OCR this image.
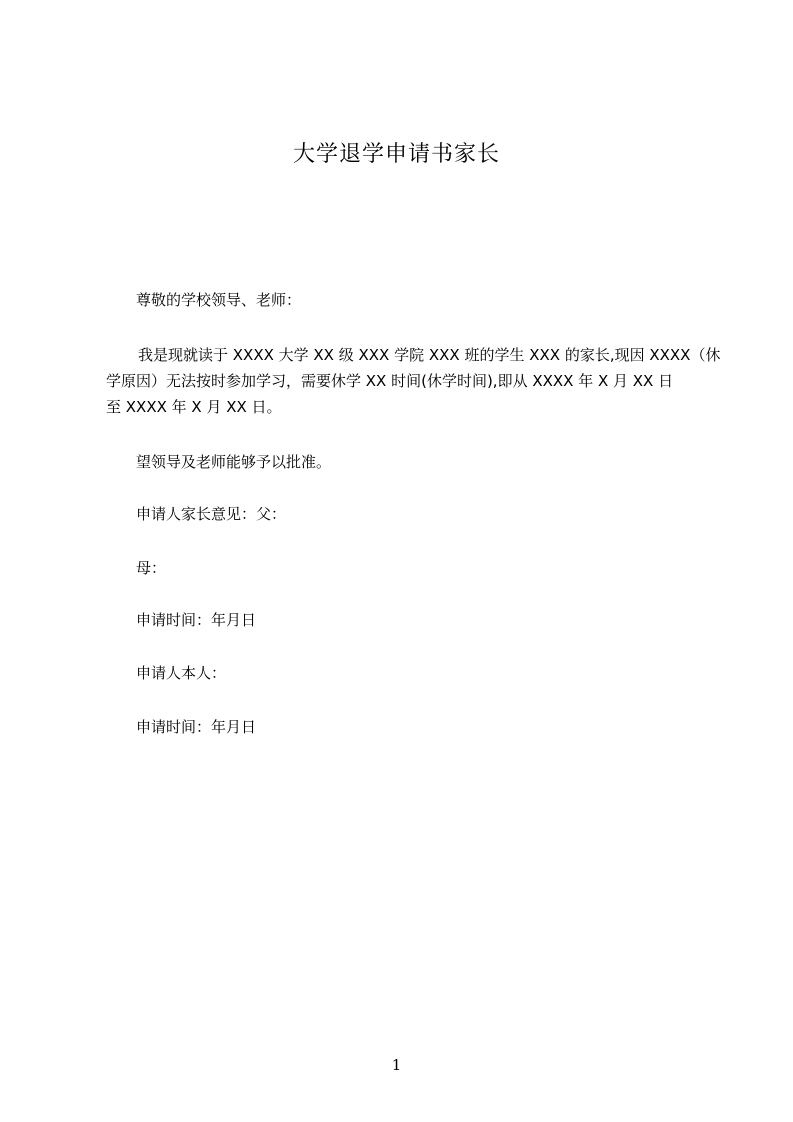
大学退学申请书家长
尊敬的学校领导、老师：
我是现就读于 XXXX 大学 XX 级 XXX 学院 XXX 班的学生 XXX 的家长,现因 XXXX（休
学原因）无法按时参加学习，需要休学 XX 时间(休学时间),即从 XXXX 年 X 月 XX 日
至 XXXX 年 X 月 XX 日。
望领导及老师能够予以批准。
申请人家长意见：父：
母：
申请时间：年月日
申请人本人：
申请时间：年月日
1
